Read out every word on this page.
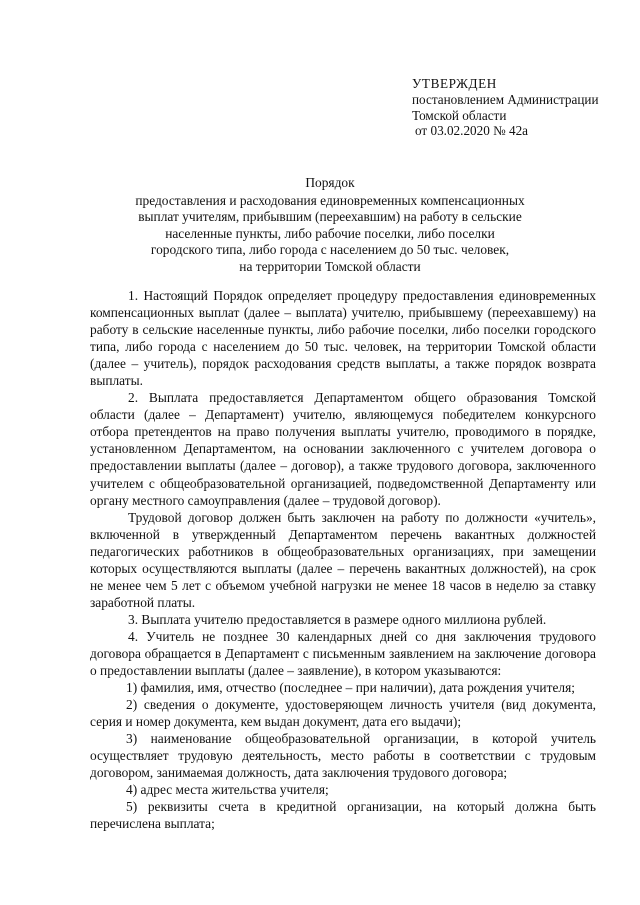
УТВЕРЖДЕН
постановлением Администрации
Томской области
от 03.02.2020 № 42а
Порядок
предоставления и расходования единовременных компенсационных
выплат учителям, прибывшим (переехавшим) на работу в сельские
населенные пункты, либо рабочие поселки, либо поселки
городского типа, либо города с населением до 50 тыс. человек,
на территории Томской области

1. Настоящий Порядок определяет процедуру предоставления единовременных компенсационных выплат (далее – выплата) учителю, прибывшему (переехавшему) на работу в сельские населенные пункты, либо рабочие поселки, либо поселки городского типа, либо города с населением до 50 тыс. человек, на территории Томской области (далее – учитель), порядок расходования средств выплаты, а также порядок возврата выплаты.

2. Выплата предоставляется Департаментом общего образования Томской области (далее – Департамент) учителю, являющемуся победителем конкурсного отбора претендентов на право получения выплаты учителю, проводимого в порядке, установленном Департаментом, на основании заключенного с учителем договора о предоставлении выплаты (далее – договор), а также трудового договора, заключенного учителем с общеобразовательной организацией, подведомственной Департаменту или органу местного самоуправления (далее – трудовой договор).

Трудовой договор должен быть заключен на работу по должности «учитель», включенной в утвержденный Департаментом перечень вакантных должностей педагогических работников в общеобразовательных организациях, при замещении которых осуществляются выплаты (далее – перечень вакантных должностей), на срок не менее чем 5 лет с объемом учебной нагрузки не менее 18 часов в неделю за ставку заработной платы.

3. Выплата учителю предоставляется в размере одного миллиона рублей.

4. Учитель не позднее 30 календарных дней со дня заключения трудового договора обращается в Департамент с письменным заявлением на заключение договора о предоставлении выплаты (далее – заявление), в котором указываются:

1) фамилия, имя, отчество (последнее – при наличии), дата рождения учителя;

2) сведения о документе, удостоверяющем личность учителя (вид документа, серия и номер документа, кем выдан документ, дата его выдачи);

3) наименование общеобразовательной организации, в которой учитель осуществляет трудовую деятельность, место работы в соответствии с трудовым договором, занимаемая должность, дата заключения трудового договора;

4) адрес места жительства учителя;

5) реквизиты счета в кредитной организации, на который должна быть перечислена выплата;
